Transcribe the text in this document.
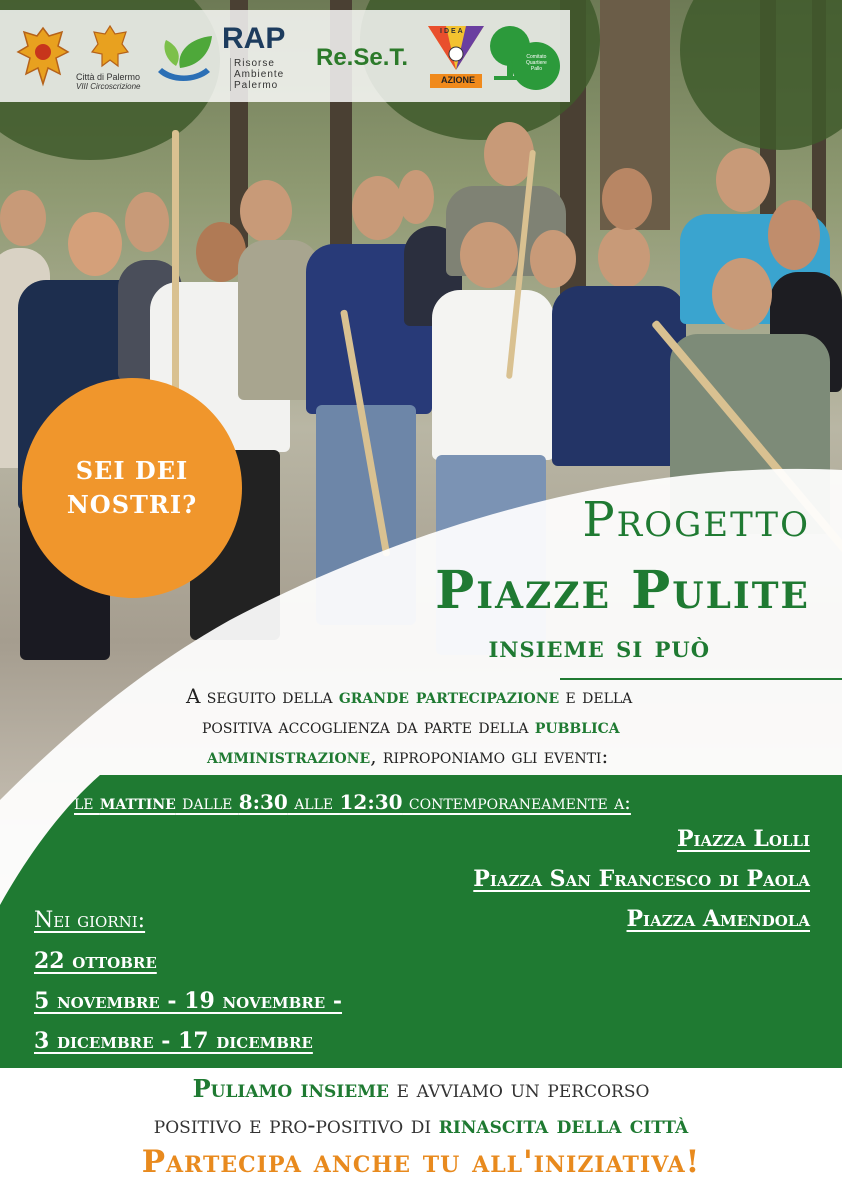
Città di Palermo
VIII Circoscrizione
RAP
Risorse
Ambiente
Palermo
Re.Se.T.
IDEA
AZIONE
Comitato
Quartiere
Pallo
SEI DEI
NOSTRI?	Progetto
Piazze Pulite
insieme si può
A seguito della grande partecipazione e della
positiva accoglienza da parte della pubblica
amministrazione, riproponiamo gli eventi:
le mattine dalle 8:30 alle 12:30 contemporaneamente a:
Piazza Lolli
Piazza San Francesco di Paola
Piazza Amendola
Nei giorni:
22 ottobre
5 novembre - 19 novembre -
3 dicembre - 17 dicembre
Puliamo insieme e avviamo un percorso
positivo e pro-positivo di rinascita della città
Partecipa anche tu all'iniziativa!
